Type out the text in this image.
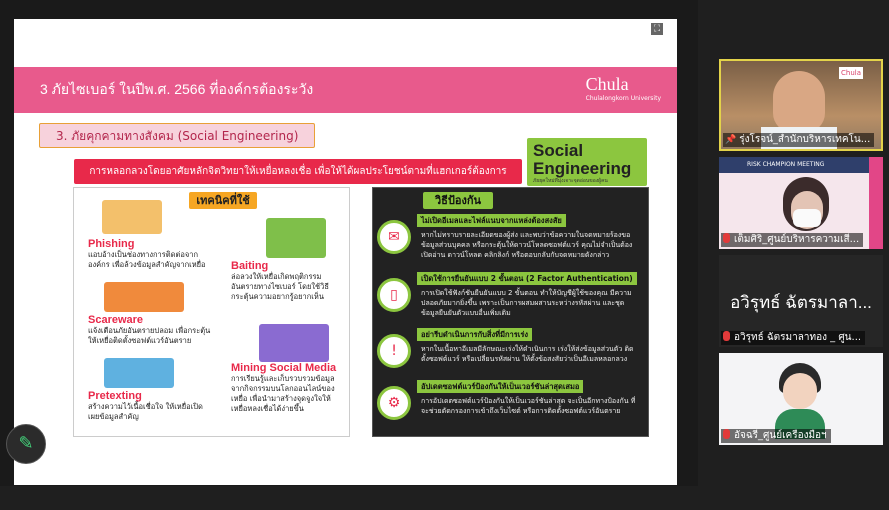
⛶
3 ภัยไซเบอร์ ในปีพ.ศ. 2566 ที่องค์กรต้องระวัง	Chula
Chulalongkorn University
3. ภัยคุกคามทางสังคม (Social Engineering)
Social
Engineering
ภัยยุคใหม่ที่มุ่งเจาะจุดอ่อนของผู้คน
การหลอกลวงโดยอาศัยหลักจิตวิทยาให้เหยื่อหลงเชื่อ เพื่อให้ได้ผลประโยชน์ตามที่แฮกเกอร์ต้องการ
เทคนิคที่ใช้
Phishing
แอบอ้างเป็นช่องทางการติดต่อจากองค์กร เพื่อล้วงข้อมูลสำคัญจากเหยื่อ	Baiting
ล่อลวงให้เหยื่อเกิดพฤติกรรมอันตรายทางไซเบอร์ โดยใช้วิธีกระตุ้นความอยากรู้อยากเห็น
Scareware
แจ้งเตือนภัยอันตรายปลอม เพื่อกระตุ้นให้เหยื่อติดตั้งซอฟต์แวร์อันตราย
Mining Social Media
การเรียนรู้และเก็บรวบรวมข้อมูลจากกิจกรรมบนโลกออนไลน์ของเหยื่อ เพื่อนำมาสร้างจุดจูงใจให้เหยื่อหลงเชื่อได้ง่ายขึ้น
Pretexting
สร้างความไว้เนื้อเชื่อใจ ให้เหยื่อเปิดเผยข้อมูลสำคัญ
วิธีป้องกัน
✉
ไม่เปิดอีเมลและไฟล์แนบจากแหล่งต้องสงสัย
หากไม่ทราบรายละเอียดของผู้ส่ง และพบว่าข้อความในจดหมายร้องขอข้อมูลส่วนบุคคล หรือกระตุ้นให้ดาวน์โหลดซอฟต์แวร์ คุณไม่จำเป็นต้องเปิดอ่าน ดาวน์โหลด คลิกลิงก์ หรือตอบกลับกับจดหมายดังกล่าว
▯
เปิดใช้การยืนยันแบบ 2 ขั้นตอน (2 Factor Authentication)
การเปิดใช้ฟังก์ชันยืนยันแบบ 2 ขั้นตอน ทำให้บัญชีผู้ใช้ของคุณ มีความปลอดภัยมากยิ่งขึ้น เพราะเป็นการผสมผสานระหว่างรหัสผ่าน และชุดข้อมูลยืนยันตัวแบบอื่นเพิ่มเติม
!
อย่ารีบดำเนินการกับสิ่งที่มีการเร่ง
หากในเนื้อหาอีเมลมีลักษณะเร่งให้ดำเนินการ เร่งให้ส่งข้อมูลส่วนตัว ติดตั้งซอฟต์แวร์ หรือเปลี่ยนรหัสผ่าน ให้ตั้งข้อสงสัยว่าเป็นอีเมลหลอกลวง
⚙
อัปเดตซอฟต์แวร์ป้องกันให้เป็นเวอร์ชันล่าสุดเสมอ
การอัปเดตซอฟต์แวร์ป้องกันให้เป็นเวอร์ชันล่าสุด จะเป็นอีกทางป้องกัน ที่จะช่วยตัดกรองการเข้าถึงเว็บไซต์ หรือการติดตั้งซอฟต์แวร์อันตราย
✎
Chula
📌 รุ่งโรจน์_สำนักบริหารเทคโน...
RISK CHAMPION MEETING
เต็มศิริ_ศูนย์บริหารความเสี่...
อวิรุทธ์ ฉัตรมาลา...
อวิรุทธ์ ฉัตรมาลาทอง _ ศูน...
อัจฉรี_ศูนย์เครื่องมือฯ
